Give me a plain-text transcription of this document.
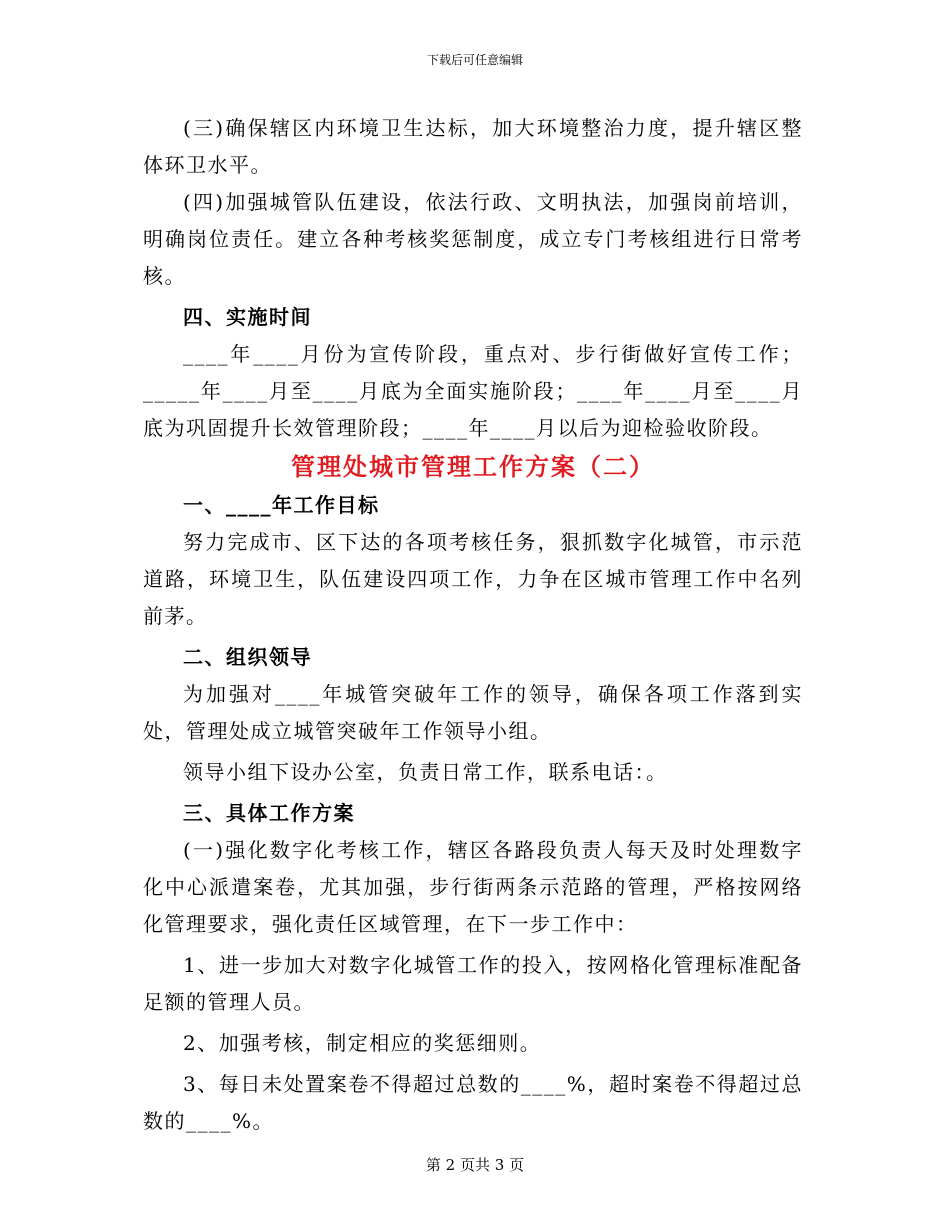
下载后可任意编辑

(三)确保辖区内环境卫生达标，加大环境整治力度，提升辖区整体环卫水平。

(四)加强城管队伍建设，依法行政、文明执法，加强岗前培训，明确岗位责任。建立各种考核奖惩制度，成立专门考核组进行日常考核。

四、实施时间

____年____月份为宣传阶段，重点对、步行街做好宣传工作；_____年____月至____月底为全面实施阶段；____年____月至____月底为巩固提升长效管理阶段；____年____月以后为迎检验收阶段。

管理处城市管理工作方案（二）

一、____年工作目标

努力完成市、区下达的各项考核任务，狠抓数字化城管，市示范道路，环境卫生，队伍建设四项工作，力争在区城市管理工作中名列前茅。

二、组织领导

为加强对____年城管突破年工作的领导，确保各项工作落到实处，管理处成立城管突破年工作领导小组。

领导小组下设办公室，负责日常工作，联系电话：。

三、具体工作方案

(一)强化数字化考核工作，辖区各路段负责人每天及时处理数字化中心派遣案卷，尤其加强，步行街两条示范路的管理，严格按网络化管理要求，强化责任区域管理，在下一步工作中：

1、进一步加大对数字化城管工作的投入，按网格化管理标准配备足额的管理人员。

2、加强考核，制定相应的奖惩细则。

3、每日未处置案卷不得超过总数的____%，超时案卷不得超过总数的____%。

第 2 页共 3 页
